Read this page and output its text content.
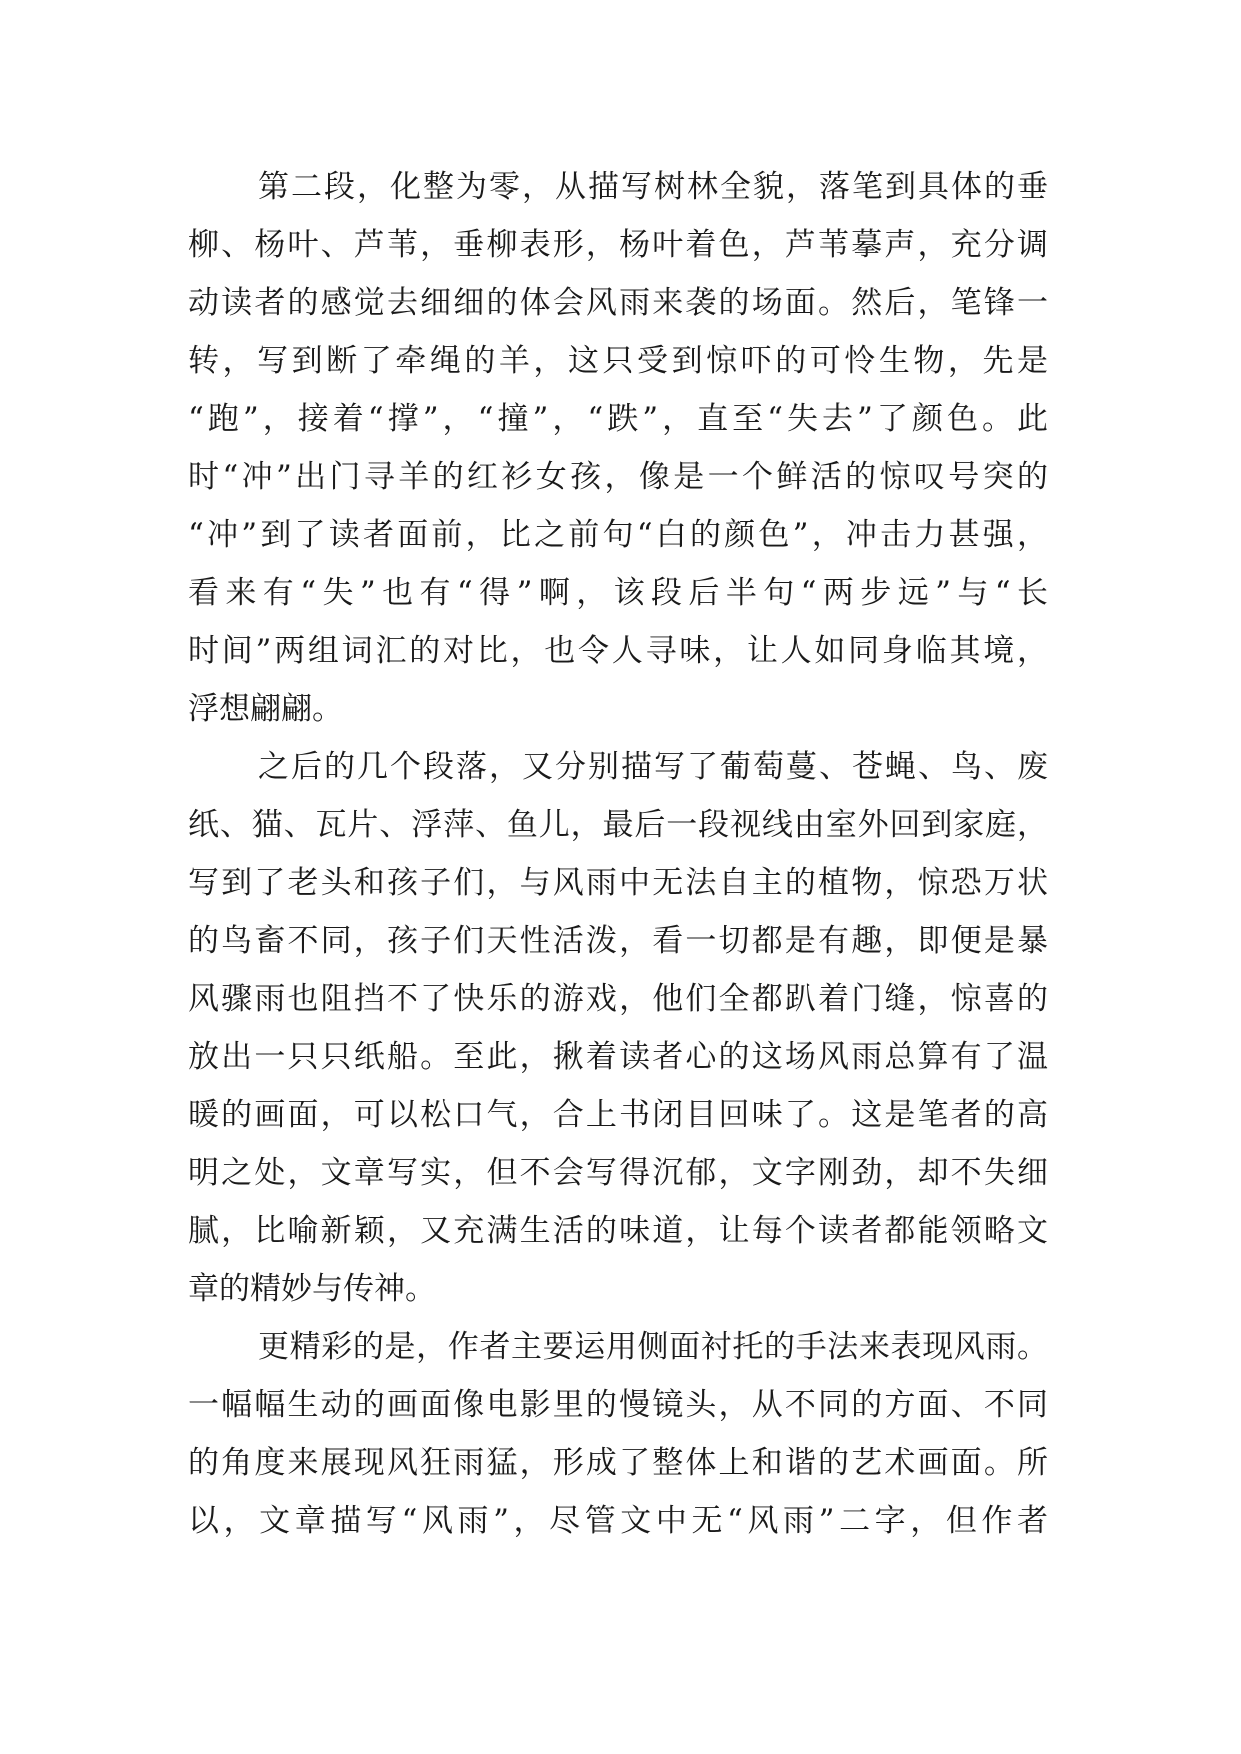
第二段，化整为零，从描写树林全貌，落笔到具体的垂
柳、杨叶、芦苇，垂柳表形，杨叶着色，芦苇摹声，充分调
动读者的感觉去细细的体会风雨来袭的场面。然后，笔锋一
转，写到断了牵绳的羊，这只受到惊吓的可怜生物，先是
“跑”，接着“撑”，“撞”，“跌”，直至“失去”了颜色。此
时“冲”出门寻羊的红衫女孩，像是一个鲜活的惊叹号突的
“冲”到了读者面前，比之前句“白的颜色”，冲击力甚强，
看来有“失”也有“得”啊，该段后半句“两步远”与“长
时间”两组词汇的对比，也令人寻味，让人如同身临其境，
浮想翩翩。
之后的几个段落，又分别描写了葡萄蔓、苍蝇、鸟、废
纸、猫、瓦片、浮萍、鱼儿，最后一段视线由室外回到家庭，
写到了老头和孩子们，与风雨中无法自主的植物，惊恐万状
的鸟畜不同，孩子们天性活泼，看一切都是有趣，即便是暴
风骤雨也阻挡不了快乐的游戏，他们全都趴着门缝，惊喜的
放出一只只纸船。至此，揪着读者心的这场风雨总算有了温
暖的画面，可以松口气，合上书闭目回味了。这是笔者的高
明之处，文章写实，但不会写得沉郁，文字刚劲，却不失细
腻，比喻新颖，又充满生活的味道，让每个读者都能领略文
章的精妙与传神。
更精彩的是，作者主要运用侧面衬托的手法来表现风雨。
一幅幅生动的画面像电影里的慢镜头，从不同的方面、不同
的角度来展现风狂雨猛，形成了整体上和谐的艺术画面。所
以，文章描写“风雨”，尽管文中无“风雨”二字，但作者
